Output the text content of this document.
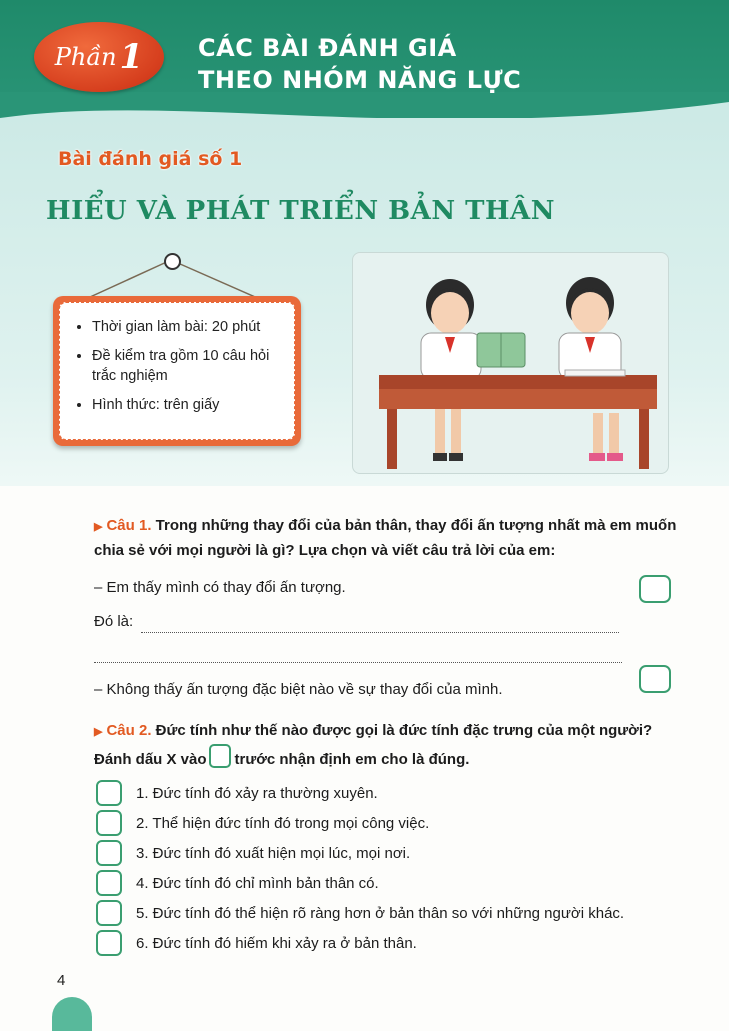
Phần 1 CÁC BÀI ĐÁNH GIÁ
THEO NHÓM NĂNG LỰC
Bài đánh giá số 1
HIỂU VÀ PHÁT TRIỂN BẢN THÂN
• Thời gian làm bài: 20 phút
• Đề kiểm tra gồm 10 câu hỏi trắc nghiệm
• Hình thức: trên giấy
▶ Câu 1. Trong những thay đổi của bản thân, thay đổi ấn tượng nhất mà em muốn chia sẻ với mọi người là gì? Lựa chọn và viết câu trả lời của em:
– Em thấy mình có thay đổi ấn tượng.
Đó là:
– Không thấy ấn tượng đặc biệt nào về sự thay đổi của mình.
▶ Câu 2. Đức tính như thế nào được gọi là đức tính đặc trưng của một người?
Đánh dấu X vào trước nhận định em cho là đúng.
1. Đức tính đó xảy ra thường xuyên.
2. Thể hiện đức tính đó trong mọi công việc.
3. Đức tính đó xuất hiện mọi lúc, mọi nơi.
4. Đức tính đó chỉ mình bản thân có.
5. Đức tính đó thể hiện rõ ràng hơn ở bản thân so với những người khác.
6. Đức tính đó hiếm khi xảy ra ở bản thân.
4
